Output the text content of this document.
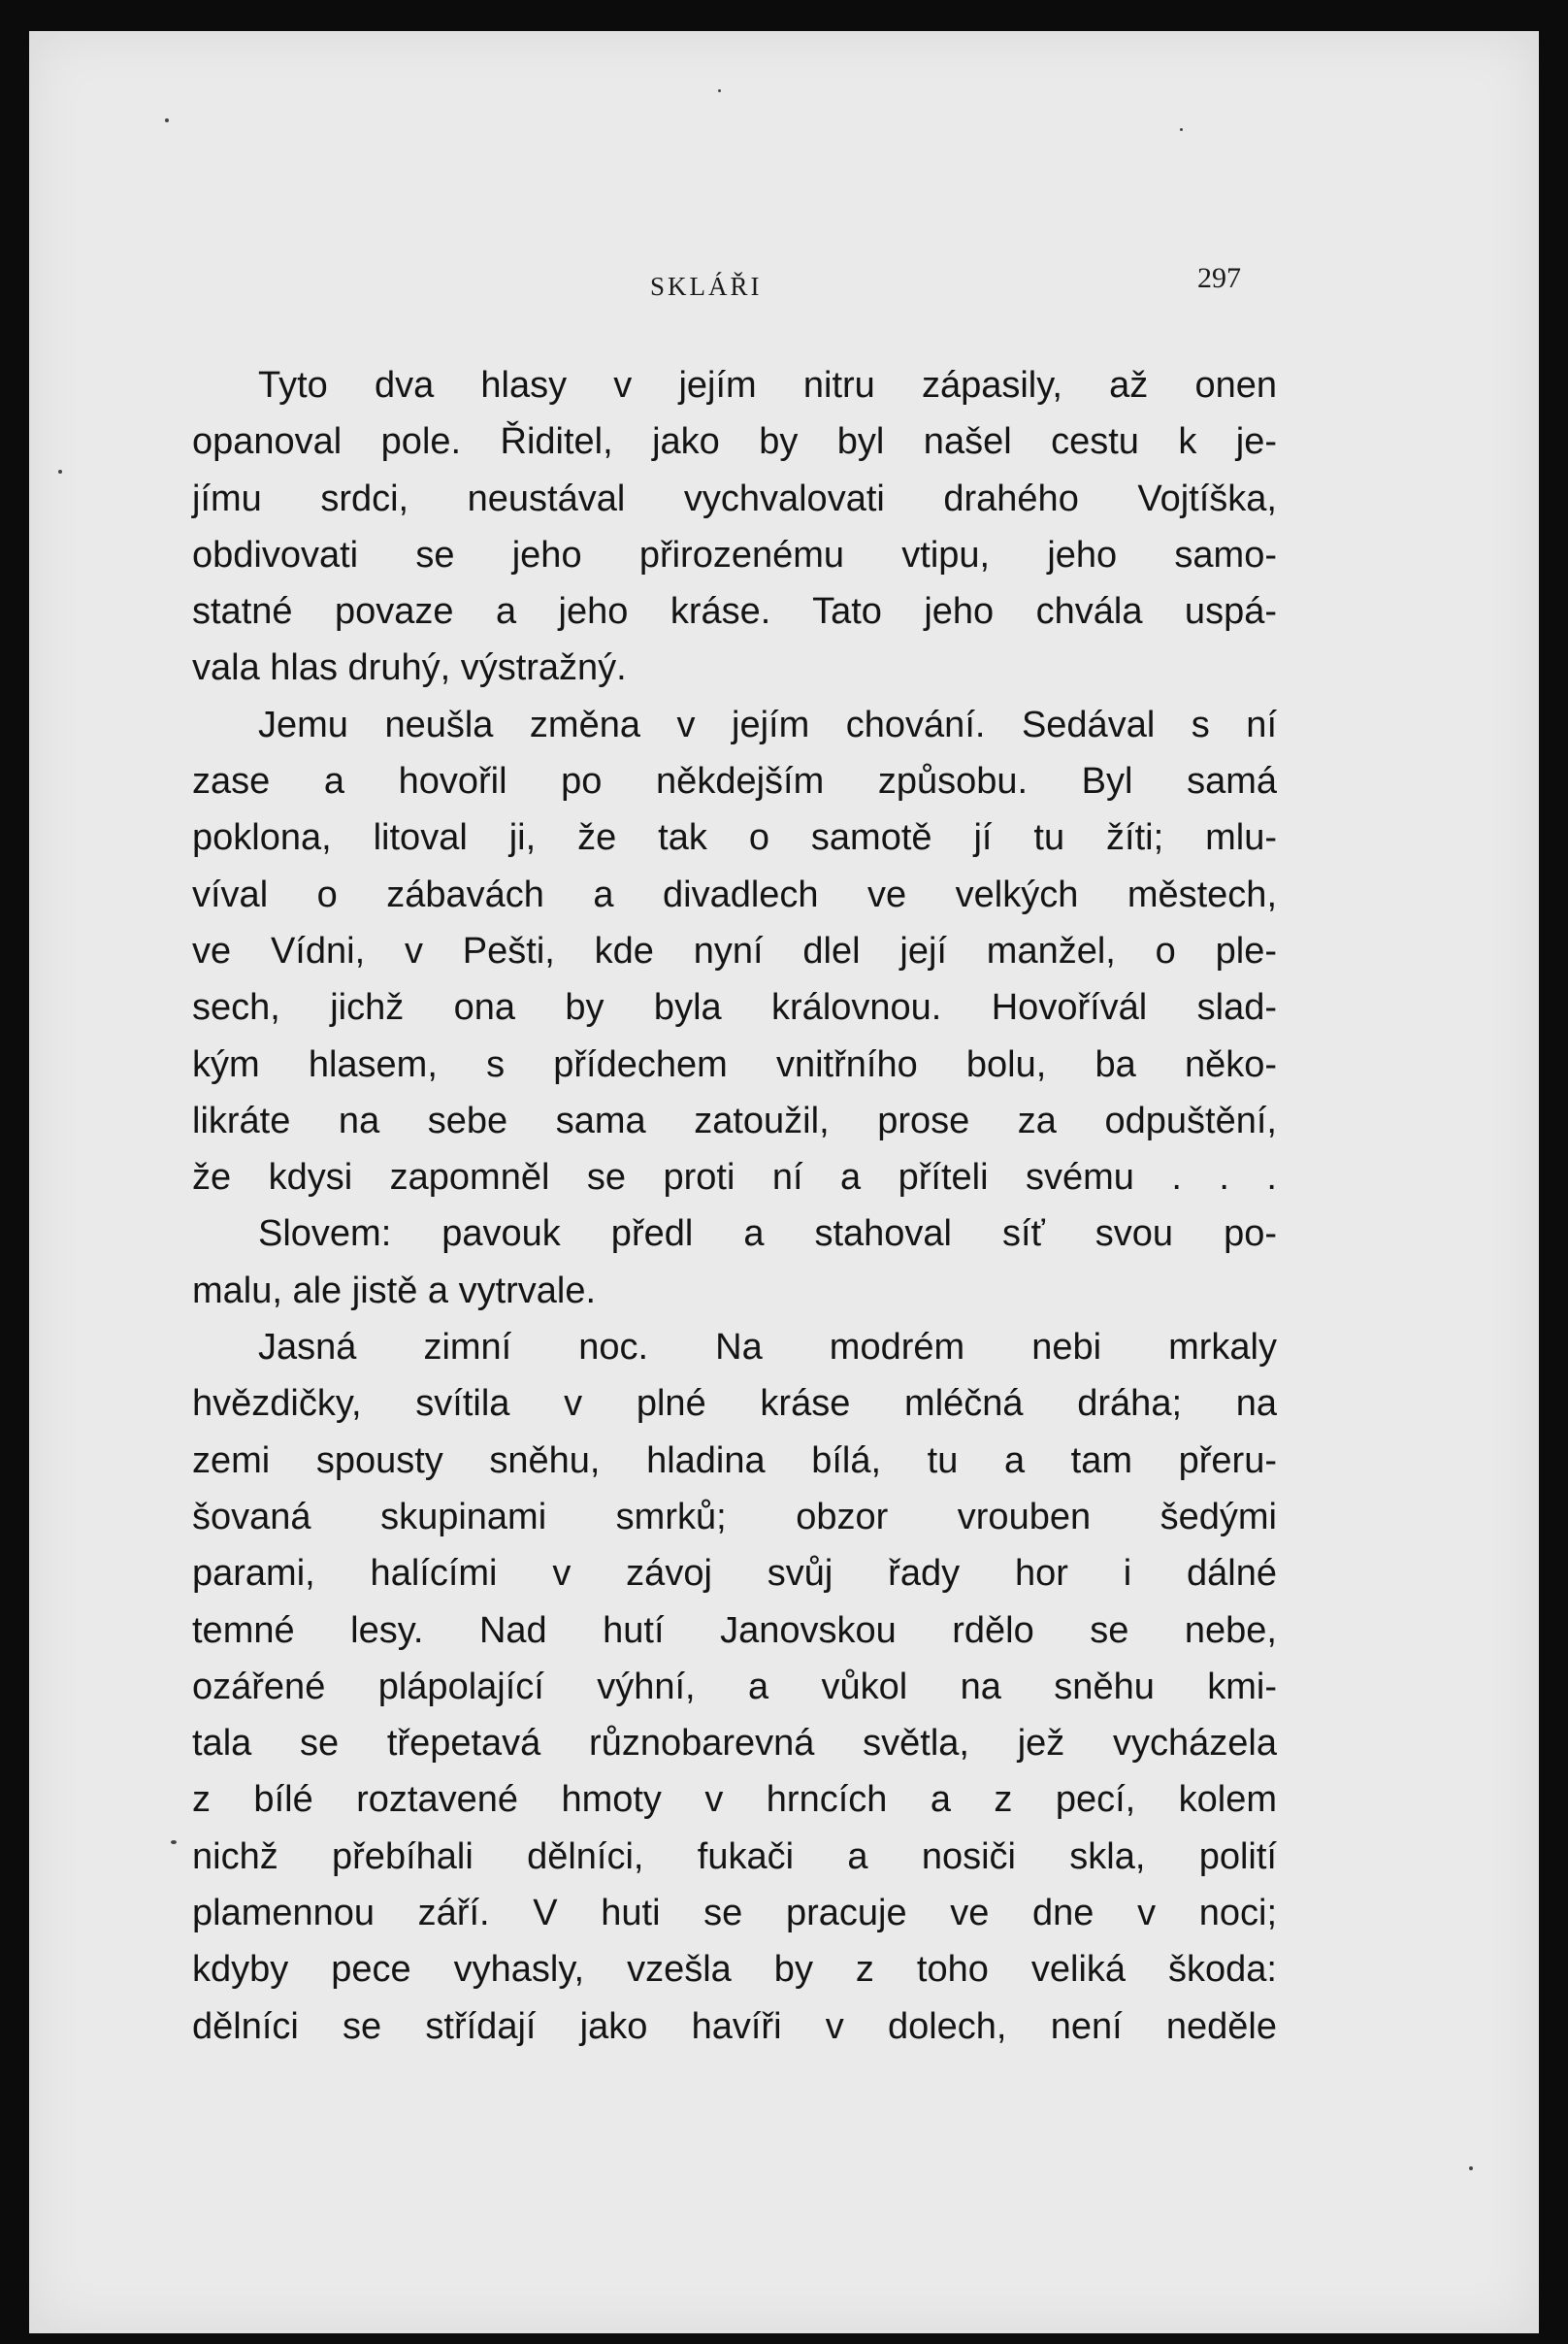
SKLÁŘI	297
Tyto dva hlasy v jejím nitru zápasily, až onen
opanoval pole. Řiditel, jako by byl našel cestu k je-
jímu srdci, neustával vychvalovati drahého Vojtíška,
obdivovati se jeho přirozenému vtipu, jeho samo-
statné povaze a jeho kráse. Tato jeho chvála uspá-
vala hlas druhý, výstražný.
Jemu neušla změna v jejím chování. Sedával s ní
zase a hovořil po někdejším způsobu. Byl samá
poklona, litoval ji, že tak o samotě jí tu žíti; mlu-
víval o zábavách a divadlech ve velkých městech,
ve Vídni, v Pešti, kde nyní dlel její manžel, o ple-
sech, jichž ona by byla královnou. Hovořívál slad-
kým hlasem, s přídechem vnitřního bolu, ba něko-
likráte na sebe sama zatoužil, prose za odpuštění,
že kdysi zapomněl se proti ní a příteli svému . . .
Slovem: pavouk předl a stahoval síť svou po-
malu, ale jistě a vytrvale.
Jasná zimní noc. Na modrém nebi mrkaly
hvězdičky, svítila v plné kráse mléčná dráha; na
zemi spousty sněhu, hladina bílá, tu a tam přeru-
šovaná skupinami smrků; obzor vrouben šedými
parami, halícími v závoj svůj řady hor i dálné
temné lesy. Nad hutí Janovskou rdělo se nebe,
ozářené plápolající výhní, a vůkol na sněhu kmi-
tala se třepetavá různobarevná světla, jež vycházela
z bílé roztavené hmoty v hrncích a z pecí, kolem
nichž přebíhali dělníci, fukači a nosiči skla, polití
plamennou září. V huti se pracuje ve dne v noci;
kdyby pece vyhasly, vzešla by z toho veliká škoda:
dělníci se střídají jako havíři v dolech, není neděle
